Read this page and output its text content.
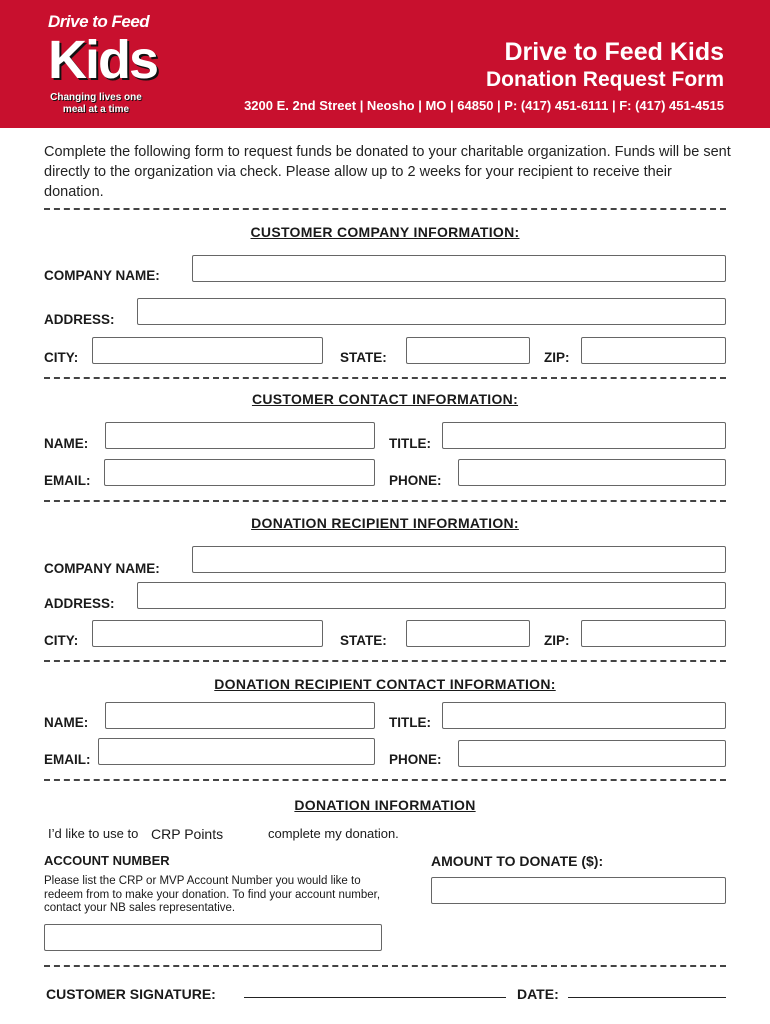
Drive to Feed
Kids
Changing lives one meal at a time
Drive to Feed Kids
Donation Request Form
3200 E. 2nd Street | Neosho | MO | 64850 | P: (417) 451-6111 | F: (417) 451-4515
Complete the following form to request funds be donated to your charitable organization. Funds will be sent directly to the organization via check. Please allow up to 2 weeks for your recipient to receive their donation.
CUSTOMER COMPANY INFORMATION:
COMPANY NAME:
ADDRESS:
CITY:	STATE:	ZIP:
CUSTOMER CONTACT INFORMATION:
NAME:	TITLE:
EMAIL:	PHONE:
DONATION RECIPIENT INFORMATION:
COMPANY NAME:
ADDRESS:
CITY:	STATE:	ZIP:
DONATION RECIPIENT CONTACT INFORMATION:
NAME:	TITLE:
EMAIL:	PHONE:
DONATION INFORMATION
I’d like to use to CRP Points	complete my donation.
ACCOUNT NUMBER
Please list the CRP or MVP Account Number you would like to redeem from to make your donation. To find your account number, contact your NB sales representative.
AMOUNT TO DONATE ($):
CUSTOMER SIGNATURE:	DATE:
